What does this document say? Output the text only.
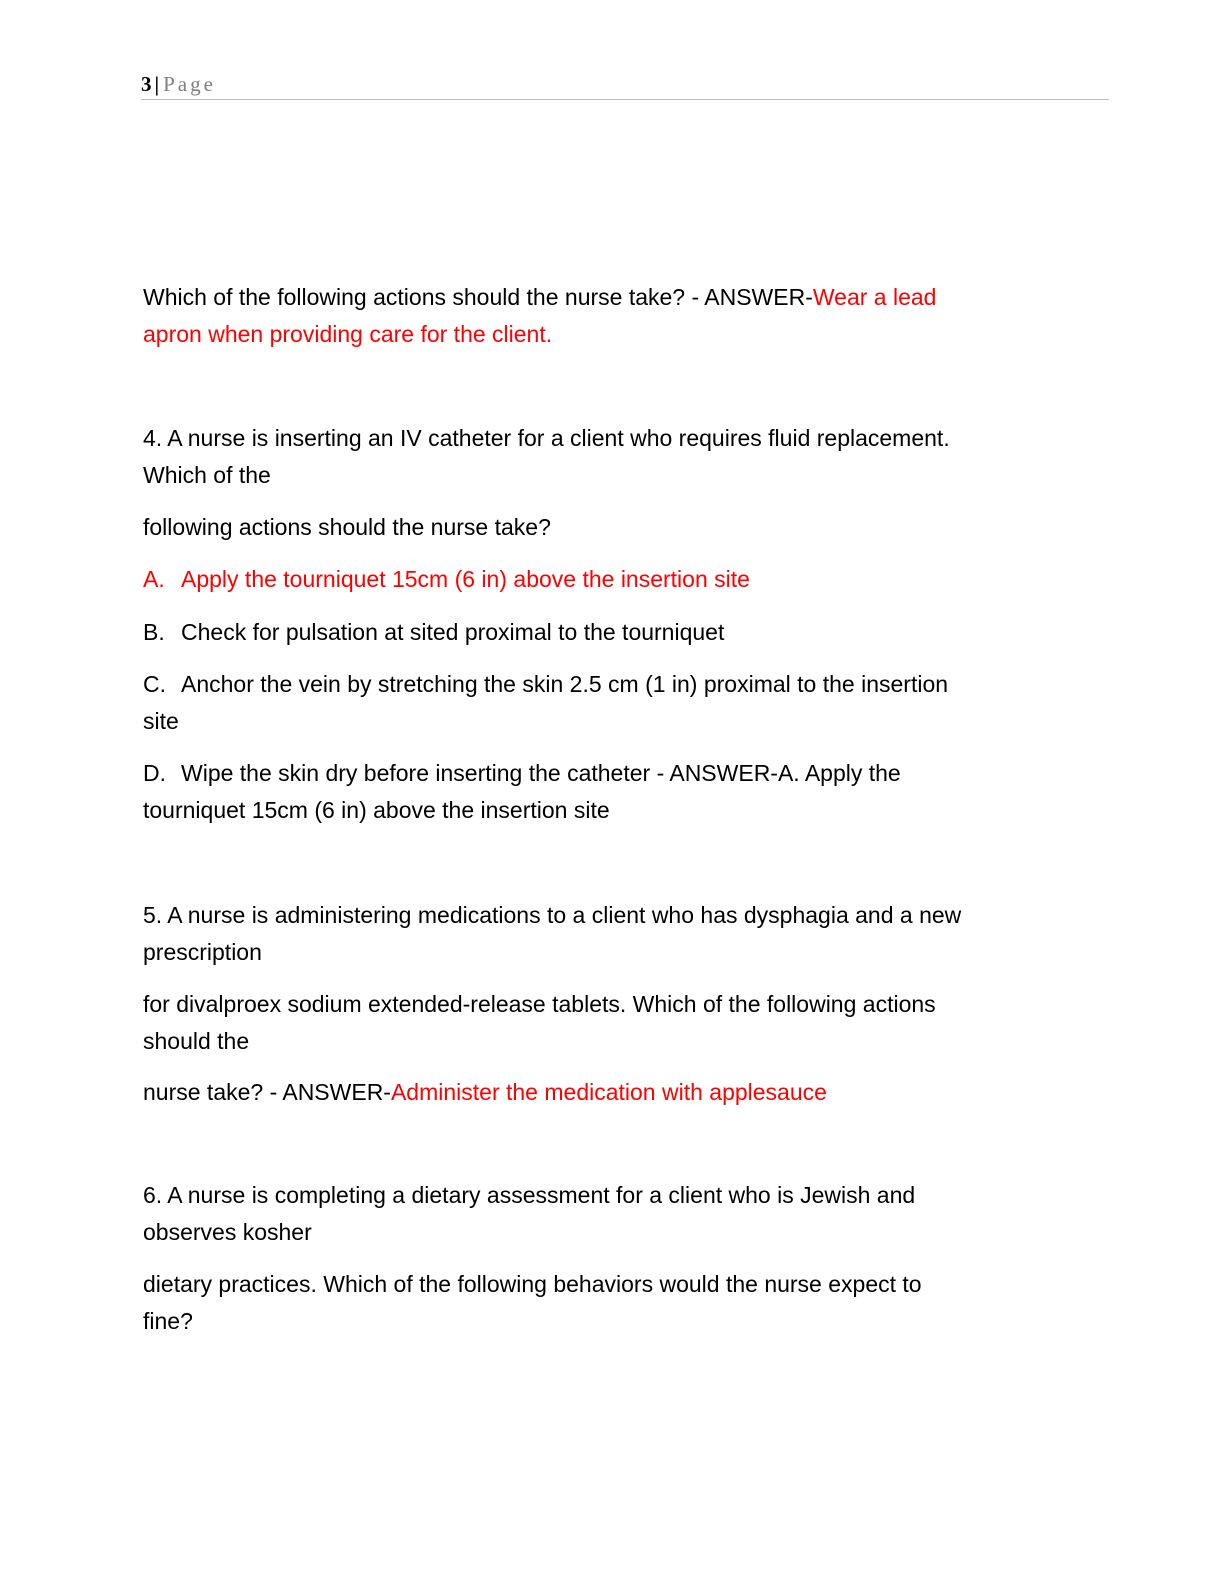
3 | Page
Which of the following actions should the nurse take? - ANSWER-Wear a lead
apron when providing care for the client.
4. A nurse is inserting an IV catheter for a client who requires fluid replacement.
Which of the
following actions should the nurse take?
A. Apply the tourniquet 15cm (6 in) above the insertion site
B. Check for pulsation at sited proximal to the tourniquet
C. Anchor the vein by stretching the skin 2.5 cm (1 in) proximal to the insertion
site
D. Wipe the skin dry before inserting the catheter - ANSWER-A. Apply the
tourniquet 15cm (6 in) above the insertion site
5. A nurse is administering medications to a client who has dysphagia and a new
prescription
for divalproex sodium extended-release tablets. Which of the following actions
should the
nurse take? - ANSWER-Administer the medication with applesauce
6. A nurse is completing a dietary assessment for a client who is Jewish and
observes kosher
dietary practices. Which of the following behaviors would the nurse expect to
fine?
